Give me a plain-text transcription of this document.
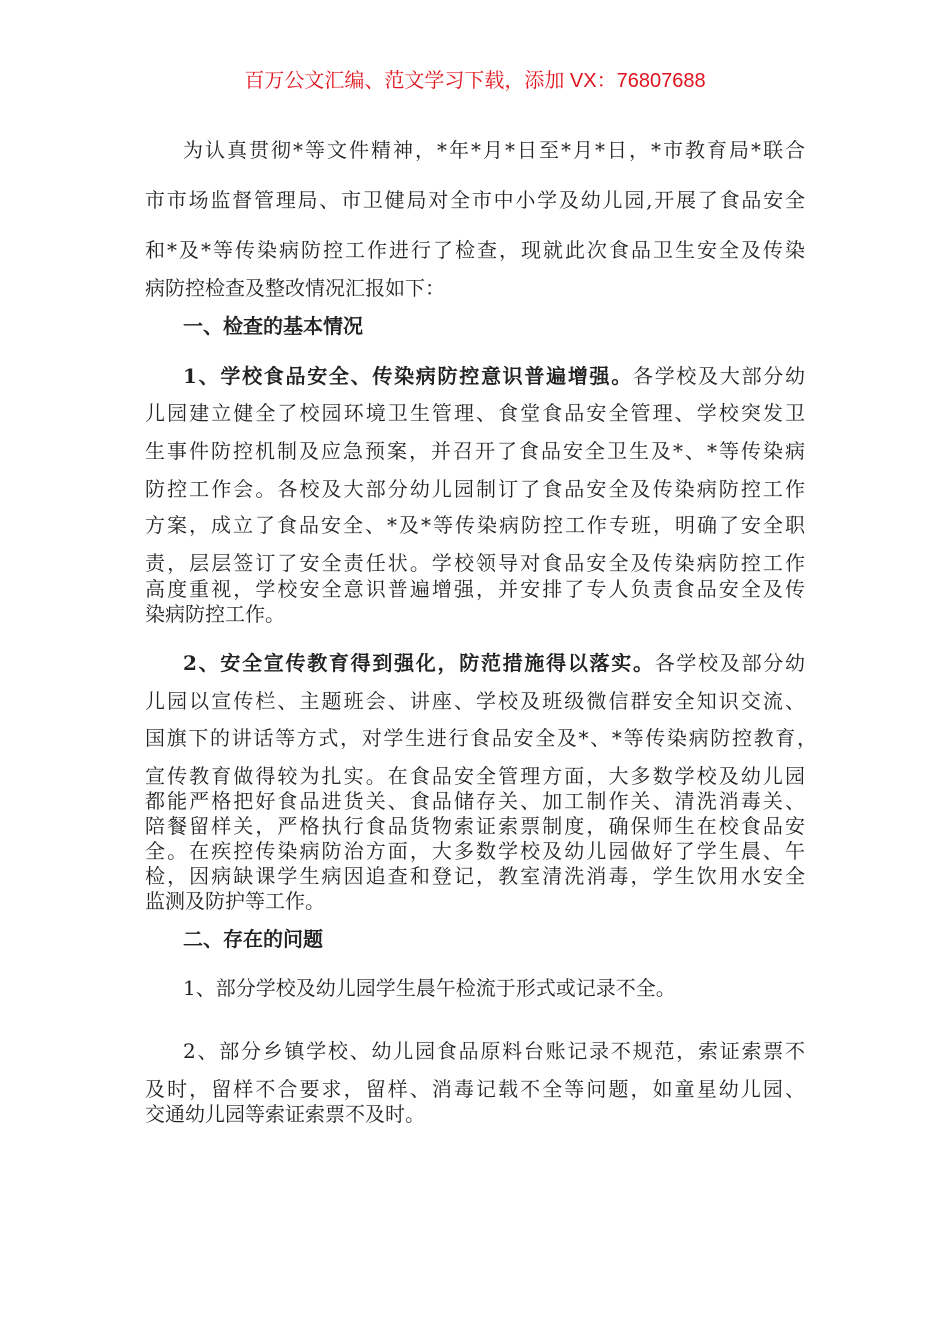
百万公文汇编、范文学习下载，添加 VX：76807688
为认真贯彻*等文件精神，*年*月*日至*月*日，*市教育局*联合
市市场监督管理局、市卫健局对全市中小学及幼儿园,开展了食品安全
和*及*等传染病防控工作进行了检查，现就此次食品卫生安全及传染
病防控检查及整改情况汇报如下：
一、检查的基本情况
1、学校食品安全、传染病防控意识普遍增强。各学校及大部分幼
儿园建立健全了校园环境卫生管理、食堂食品安全管理、学校突发卫
生事件防控机制及应急预案，并召开了食品安全卫生及*、*等传染病
防控工作会。各校及大部分幼儿园制订了食品安全及传染病防控工作
方案，成立了食品安全、*及*等传染病防控工作专班，明确了安全职
责，层层签订了安全责任状。学校领导对食品安全及传染病防控工作
高度重视，学校安全意识普遍增强，并安排了专人负责食品安全及传
染病防控工作。
2、安全宣传教育得到强化，防范措施得以落实。各学校及部分幼
儿园以宣传栏、主题班会、讲座、学校及班级微信群安全知识交流、
国旗下的讲话等方式，对学生进行食品安全及*、*等传染病防控教育，
宣传教育做得较为扎实。在食品安全管理方面，大多数学校及幼儿园
都能严格把好食品进货关、食品储存关、加工制作关、清洗消毒关、
陪餐留样关，严格执行食品货物索证索票制度，确保师生在校食品安
全。在疾控传染病防治方面，大多数学校及幼儿园做好了学生晨、午
检，因病缺课学生病因追查和登记，教室清洗消毒，学生饮用水安全
监测及防护等工作。
二、存在的问题
1、部分学校及幼儿园学生晨午检流于形式或记录不全。
2、部分乡镇学校、幼儿园食品原料台账记录不规范，索证索票不
及时，留样不合要求，留样、消毒记载不全等问题，如童星幼儿园、
交通幼儿园等索证索票不及时。
